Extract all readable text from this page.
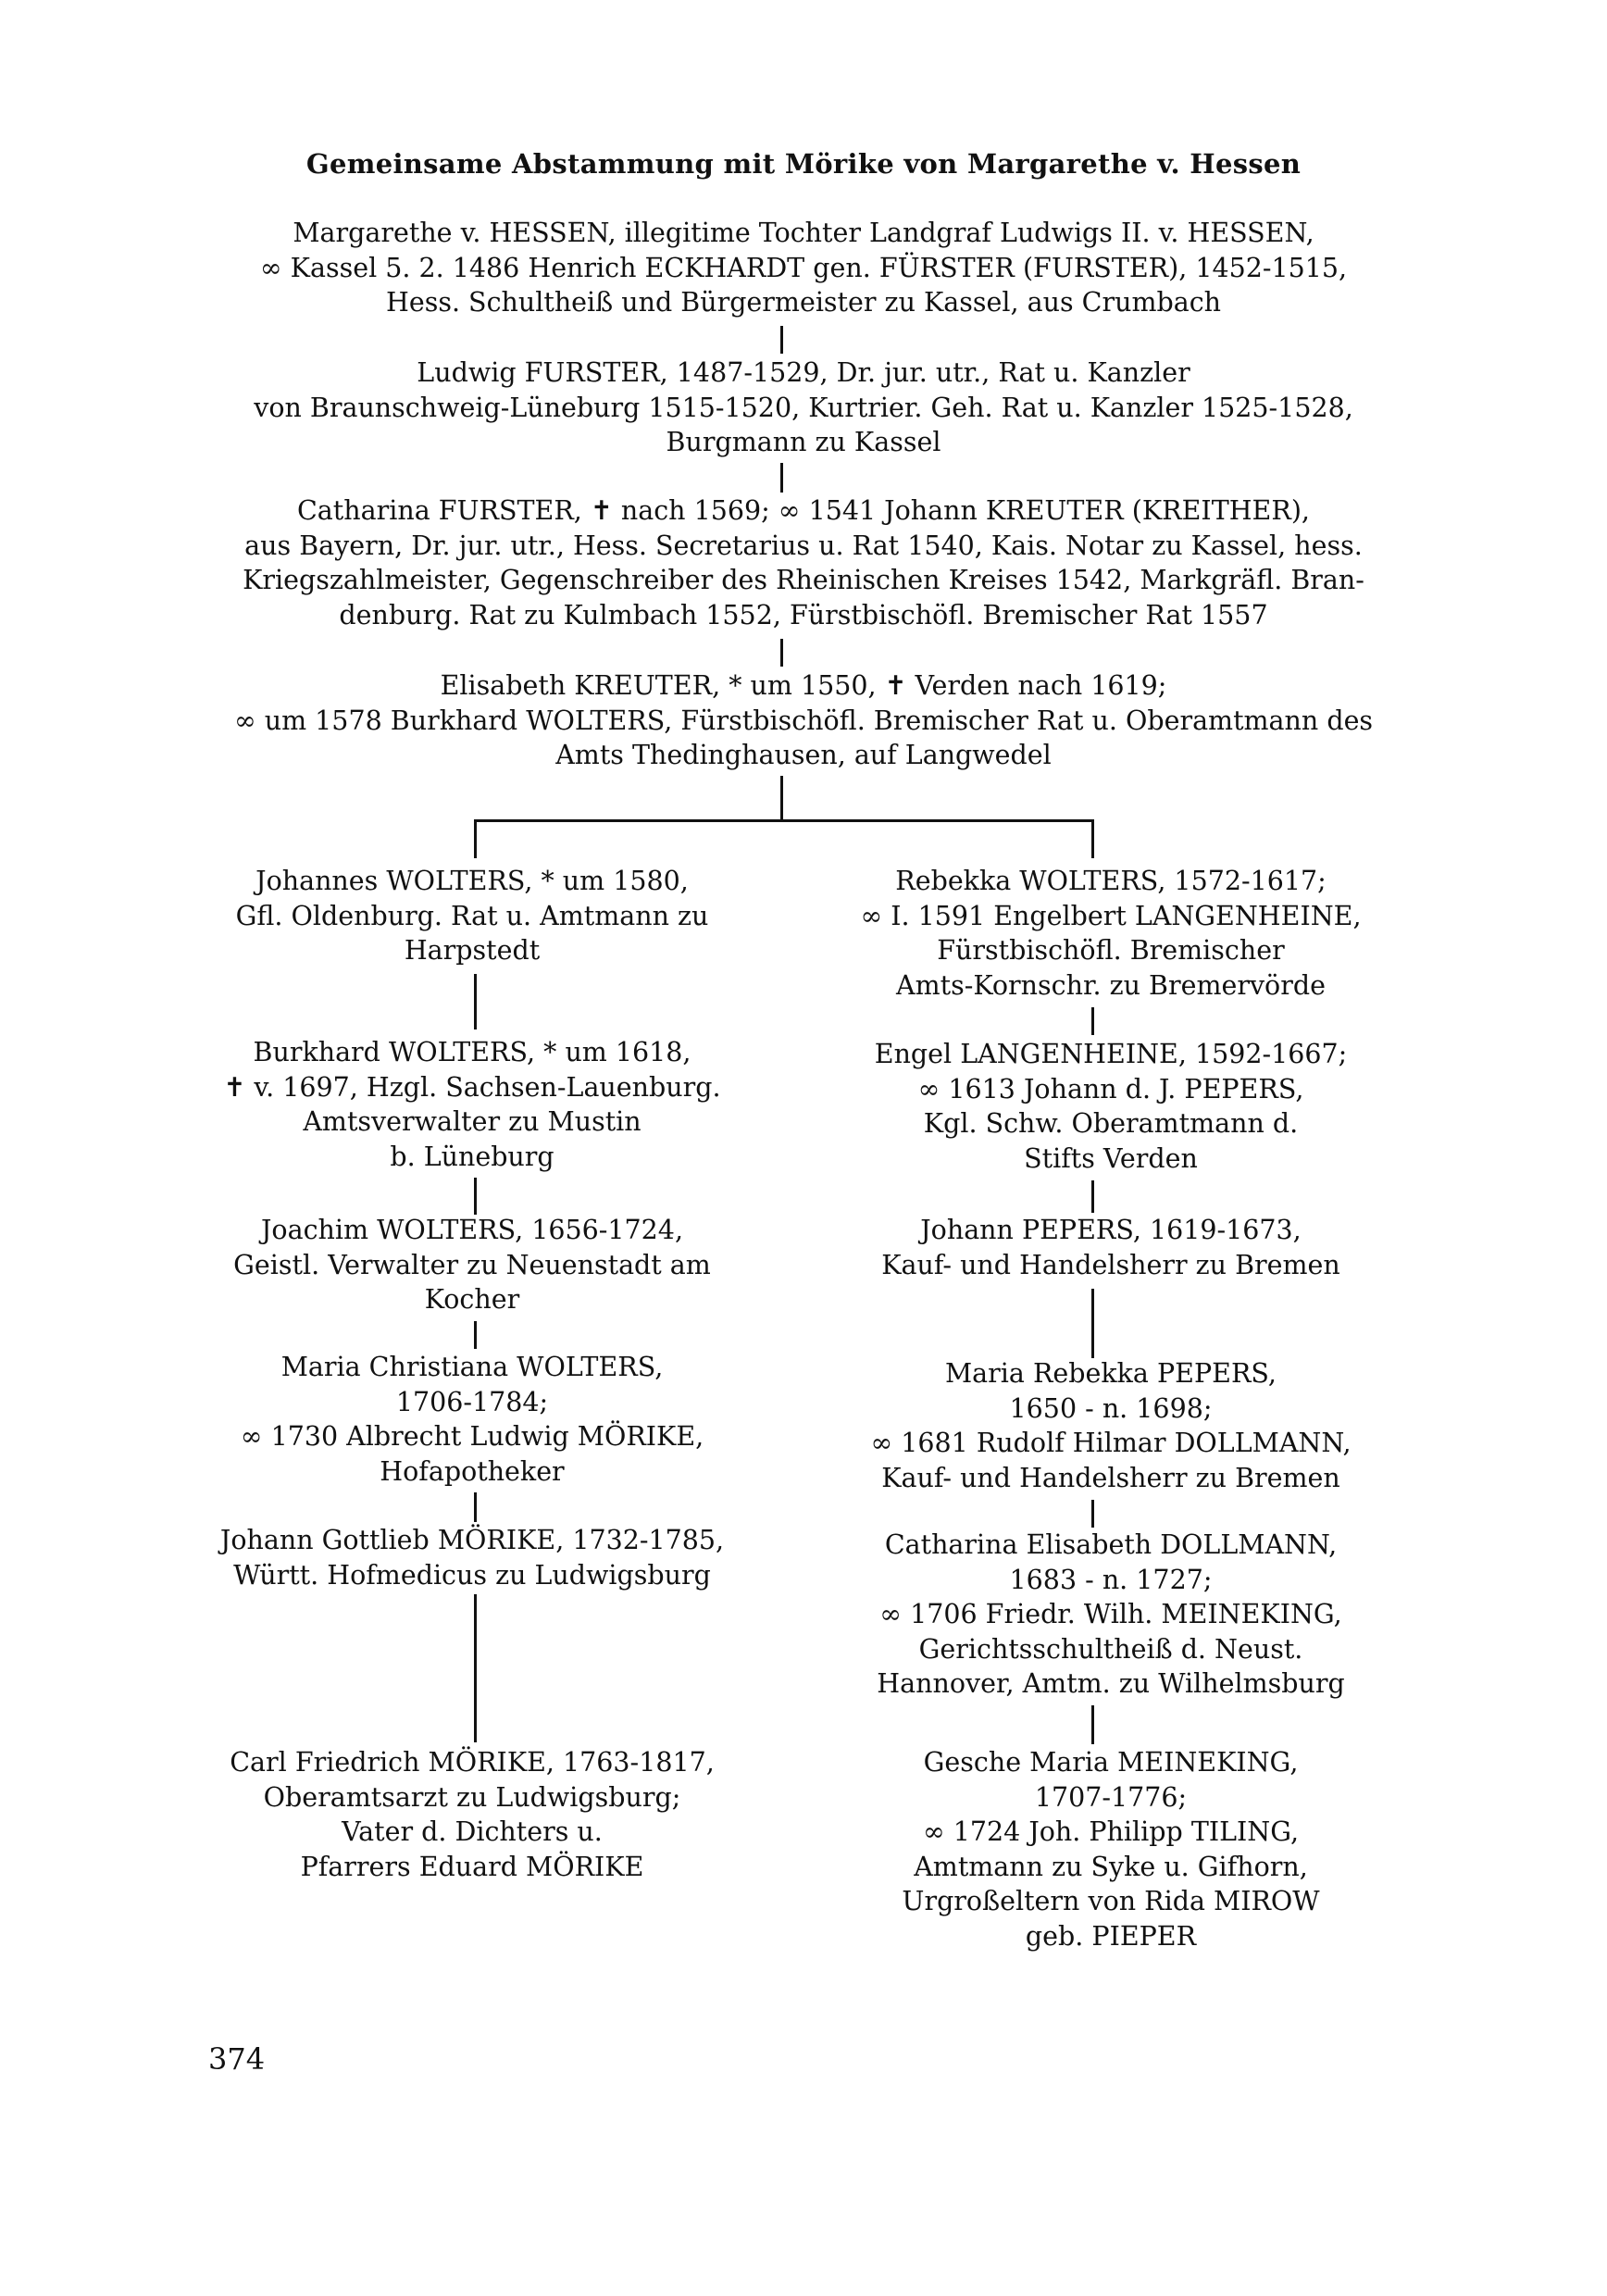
Gemeinsame Abstammung mit Mörike von Margarethe v. Hessen
Margarethe v. HESSEN, illegitime Tochter Landgraf Ludwigs II. v. HESSEN,
∞ Kassel 5. 2. 1486 Henrich ECKHARDT gen. FÜRSTER (FURSTER), 1452-1515,
Hess. Schultheiß und Bürgermeister zu Kassel, aus Crumbach
Ludwig FURSTER, 1487-1529, Dr. jur. utr., Rat u. Kanzler
von Braunschweig-Lüneburg 1515-1520, Kurtrier. Geh. Rat u. Kanzler 1525-1528,
Burgmann zu Kassel
Catharina FURSTER, ✝ nach 1569; ∞ 1541 Johann KREUTER (KREITHER),
aus Bayern, Dr. jur. utr., Hess. Secretarius u. Rat 1540, Kais. Notar zu Kassel, hess.
Kriegszahlmeister, Gegenschreiber des Rheinischen Kreises 1542, Markgräfl. Bran-
denburg. Rat zu Kulmbach 1552, Fürstbischöfl. Bremischer Rat 1557
Elisabeth KREUTER, * um 1550, ✝ Verden nach 1619;
∞ um 1578 Burkhard WOLTERS, Fürstbischöfl. Bremischer Rat u. Oberamtmann des
Amts Thedinghausen, auf Langwedel
Johannes WOLTERS, * um 1580,
Gfl. Oldenburg. Rat u. Amtmann zu
Harpstedt
Burkhard WOLTERS, * um 1618,
✝ v. 1697, Hzgl. Sachsen-Lauenburg.
Amtsverwalter zu Mustin
b. Lüneburg
Joachim WOLTERS, 1656-1724,
Geistl. Verwalter zu Neuenstadt am
Kocher
Maria Christiana WOLTERS,
1706-1784;
∞ 1730 Albrecht Ludwig MÖRIKE,
Hofapotheker
Johann Gottlieb MÖRIKE, 1732-1785,
Württ. Hofmedicus zu Ludwigsburg
Carl Friedrich MÖRIKE, 1763-1817,
Oberamtsarzt zu Ludwigsburg;
Vater d. Dichters u.
Pfarrers Eduard MÖRIKE
Rebekka WOLTERS, 1572-1617;
∞ I. 1591 Engelbert LANGENHEINE,
Fürstbischöfl. Bremischer
Amts-Kornschr. zu Bremervörde
Engel LANGENHEINE, 1592-1667;
∞ 1613 Johann d. J. PEPERS,
Kgl. Schw. Oberamtmann d.
Stifts Verden
Johann PEPERS, 1619-1673,
Kauf- und Handelsherr zu Bremen
Maria Rebekka PEPERS,
1650 - n. 1698;
∞ 1681 Rudolf Hilmar DOLLMANN,
Kauf- und Handelsherr zu Bremen
Catharina Elisabeth DOLLMANN,
1683 - n. 1727;
∞ 1706 Friedr. Wilh. MEINEKING,
Gerichtsschultheiß d. Neust.
Hannover, Amtm. zu Wilhelmsburg
Gesche Maria MEINEKING,
1707-1776;
∞ 1724 Joh. Philipp TILING,
Amtmann zu Syke u. Gifhorn,
Urgroßeltern von Rida MIROW
geb. PIEPER
374
